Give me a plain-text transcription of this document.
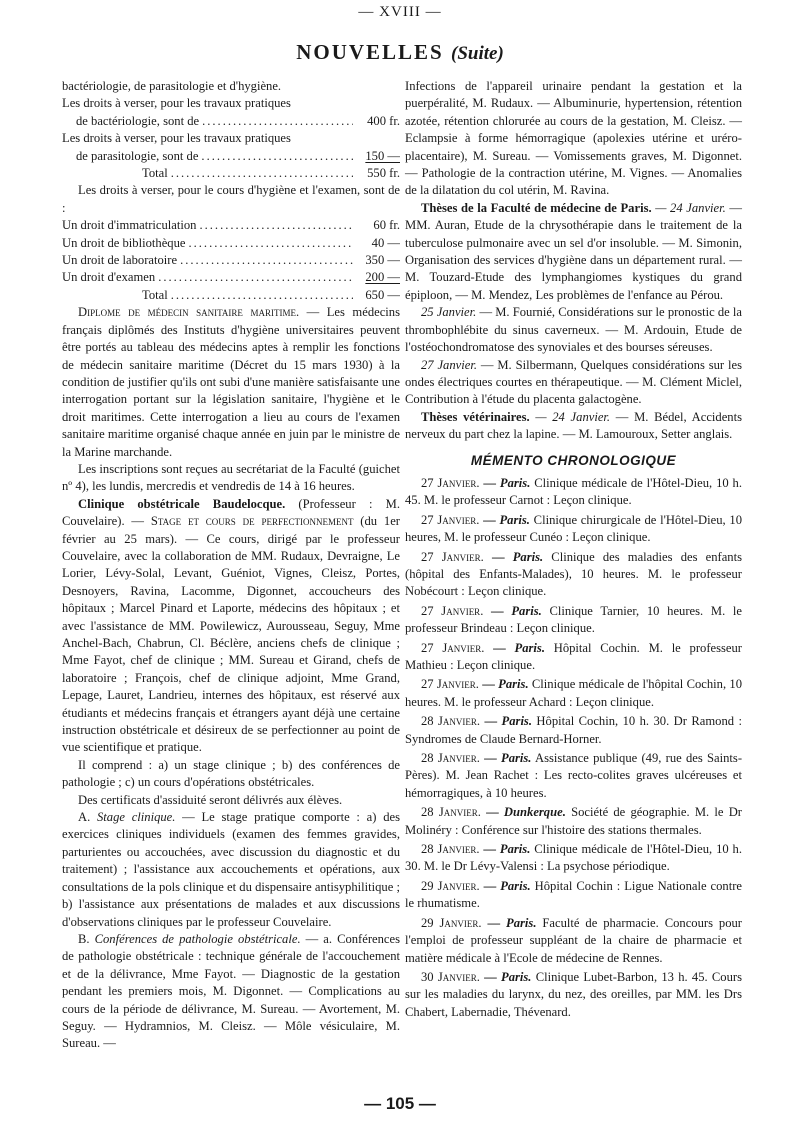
— XVIII —
NOUVELLES (Suite)

bactériologie, de parasitologie et d'hygiène.

Les droits à verser, pour les travaux pratiques

de bactériologie, sont de .....	400 fr.

Les droits à verser, pour les travaux pratiques

de parasitologie, sont de .....	150 —
Total .....	550 fr.

Les droits à verser, pour le cours d'hygiène et l'examen, sont de :

Un droit d'immatriculation .....	60 fr.
Un droit de bibliothèque .....	40 —
Un droit de laboratoire .....	350 —
Un droit d'examen .....	200 —
Total .....	650 —

Diplome de médecin sanitaire maritime. — Les médecins français diplômés des Instituts d'hygiène universitaires peuvent être portés au tableau des médecins aptes à remplir les fonctions de médecin sanitaire maritime (Décret du 15 mars 1930) à la condition de justifier qu'ils ont subi d'une manière satisfaisante une interrogation portant sur la législation sanitaire, l'hygiène et le droit maritimes. Cette interrogation a lieu au cours de l'examen sanitaire maritime organisé chaque année en juin par le ministre de la Marine marchande.

Les inscriptions sont reçues au secrétariat de la Faculté (guichet nº 4), les lundis, mercredis et vendredis de 14 à 16 heures.

Clinique obstétricale Baudelocque. (Professeur : M. Couvelaire). — Stage et cours de perfectionnement (du 1er février au 25 mars). — Ce cours, dirigé par le professeur Couvelaire, avec la collaboration de MM. Rudaux, Devraigne, Le Lorier, Lévy-Solal, Levant, Guéniot, Vignes, Cleisz, Portes, Desnoyers, Ravina, Lacomme, Digonnet, accoucheurs des hôpitaux ; Marcel Pinard et Laporte, médecins des hôpitaux ; et avec l'assistance de MM. Powilewicz, Aurousseau, Seguy, Mme Anchel-Bach, Chabrun, Cl. Béclère, anciens chefs de clinique ; Mme Fayot, chef de clinique ; MM. Sureau et Girand, chefs de laboratoire ; François, chef de clinique adjoint, Mme Grand, Lepage, Lauret, Landrieu, internes des hôpitaux, est réservé aux étudiants et médecins français et étrangers ayant déjà une certaine instruction obstétricale et désireux de se perfectionner au point de vue scientifique et pratique.

Il comprend : a) un stage clinique ; b) des conférences de pathologie ; c) un cours d'opérations obstétricales.

Des certificats d'assiduité seront délivrés aux élèves.

A. Stage clinique. — Le stage pratique comporte : a) des exercices cliniques individuels (examen des femmes gravides, parturientes ou accouchées, avec discussion du diagnostic et du traitement) ; l'assistance aux accouchements et opérations, aux consultations de la pols clinique et du dispensaire antisyphilitique ; b) l'assistance aux présentations de malades et aux discussions d'observations cliniques par le professeur Couvelaire.

B. Conférences de pathologie obstétricale. — a. Conférences de pathologie obstétricale : technique générale de l'accouchement et de la délivrance, Mme Fayot. — Diagnostic de la gestation pendant les premiers mois, M. Digonnet. — Complications au cours de la période de délivrance, M. Sureau. — Avortement, M. Seguy. — Hydramnios, M. Cleisz. — Môle vésiculaire, M. Sureau. —

Infections de l'appareil urinaire pendant la gestation et la puerpéralité, M. Rudaux. — Albuminurie, hypertension, rétention azotée, rétention chlorurée au cours de la gestation, M. Cleisz. — Eclampsie à forme hémorragique (apolexies utérine et uréro-placentaire), M. Sureau. — Vomissements graves, M. Digonnet. — Pathologie de la contraction utérine, M. Vignes. — Anomalies de la dilatation du col utérin, M. Ravina.

Thèses de la Faculté de médecine de Paris. — 24 Janvier. — MM. Auran, Etude de la chrysothérapie dans le traitement de la tuberculose pulmonaire avec un sel d'or insoluble. — M. Simonin, Organisation des services d'hygiène dans un département rural. — M. Touzard-Etude des lymphangiomes kystiques du grand épiploon, — M. Mendez, Les problèmes de l'enfance au Pérou.

25 Janvier. — M. Fournié, Considérations sur le pronostic de la thrombophlébite du sinus caverneux. — M. Ardouin, Etude de l'ostéochondromatose des synoviales et des bourses séreuses.

27 Janvier. — M. Silbermann, Quelques considérations sur les ondes électriques courtes en thérapeutique. — M. Clément Miclel, Contribution à l'étude du placenta galactogène.

Thèses vétérinaires. — 24 Janvier. — M. Bédel, Accidents nerveux du part chez la lapine. — M. Lamouroux, Setter anglais.

MÉMENTO CHRONOLOGIQUE

27 Janvier. — Paris. Clinique médicale de l'Hôtel-Dieu, 10 h. 45. M. le professeur Carnot : Leçon clinique.

27 Janvier. — Paris. Clinique chirurgicale de l'Hôtel-Dieu, 10 heures, M. le professeur Cunéo : Leçon clinique.

27 Janvier. — Paris. Clinique des maladies des enfants (hôpital des Enfants-Malades), 10 heures. M. le professeur Nobécourt : Leçon clinique.

27 Janvier. — Paris. Clinique Tarnier, 10 heures. M. le professeur Brindeau : Leçon clinique.

27 Janvier. — Paris. Hôpital Cochin. M. le professeur Mathieu : Leçon clinique.

27 Janvier. — Paris. Clinique médicale de l'hôpital Cochin, 10 heures. M. le professeur Achard : Leçon clinique.

28 Janvier. — Paris. Hôpital Cochin, 10 h. 30. Dr Ramond : Syndromes de Claude Bernard-Horner.

28 Janvier. — Paris. Assistance publique (49, rue des Saints-Pères). M. Jean Rachet : Les recto-colites graves ulcéreuses et hémorragiques, à 10 heures.

28 Janvier. — Dunkerque. Société de géographie. M. le Dr Molinéry : Conférence sur l'histoire des stations thermales.

28 Janvier. — Paris. Clinique médicale de l'Hôtel-Dieu, 10 h. 30. M. le Dr Lévy-Valensi : La psychose périodique.

29 Janvier. — Paris. Hôpital Cochin : Ligue Nationale contre le rhumatisme.

29 Janvier. — Paris. Faculté de pharmacie. Concours pour l'emploi de professeur suppléant de la chaire de pharmacie et matière médicale à l'Ecole de médecine de Rennes.

30 Janvier. — Paris. Clinique Lubet-Barbon, 13 h. 45. Cours sur les maladies du larynx, du nez, des oreilles, par MM. les Drs Chabert, Labernadie, Thévenard.

— 105 —
